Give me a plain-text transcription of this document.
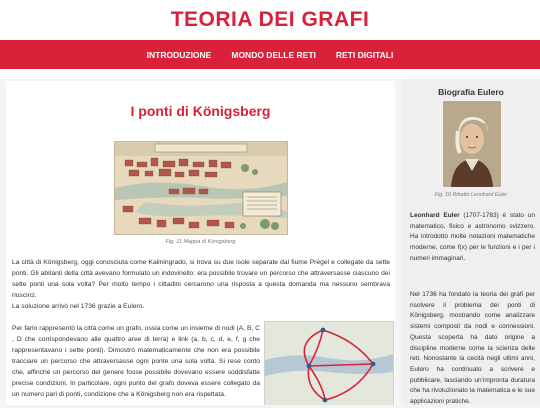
TEORIA DEI GRAFI
INTRODUZIONE MONDO DELLE RETI RETI DIGITALI
I ponti di Königsberg
Fig. 11 Mappa di Königsberg

La città di Königsberg, oggi conosciuta come Kaliningrado, si trova su due isole separate dal fiume Pregel e collegate da sette ponti. Gli abitanti della città avevano formulato un indovinello: era possibile trovare un percorso che attraversasse ciascuno dei sette ponti una sola volta? Per molto tempo i cittadini cercarono una risposta a questa domanda ma nessuno sembrava riuscirci.
La soluzione arrivò nel 1736 grazie a Eulero.

Per farlo rappresentò la città come un grafo, ossia come un insieme di nodi (A, B, C , D che corrispondevano alle quattro aree di terra) e link (a, b, c, d, e, f, g che rappresentavano i sette ponti). Dimostrò matematicamente che non era possibile tracciare un percorso che attraversasse ogni ponte una sola volta. Si rese conto che, affinché un percorso del genere fosse possibile dovevano essere soddisfatte precise condizioni. In particolare, ogni punto del grafo doveva essere collegato da un numero pari di ponti, condizione che a Königsberg non era rispettata.

Biografia Eulero
Fig. 10 Ritratto Leonhard Euler

Leonhard Euler (1707-1783) è stato un matematico, fisico e astronomo svizzero. Ha introdotto molte notazioni matematiche moderne, come f(x) per le funzioni e i per i numeri immaginari.

Nel 1736 ha fondato la teoria dei grafi per risolvere il problema dei ponti di Königsberg, mostrando come analizzare sistemi composti da nodi e connessioni. Questa scoperta ha dato origine a discipline moderne come la scienza delle reti. Nonostante la cecità negli ultimi anni, Eulero ha continuato a scrivere e pubblicare, lasciando un'impronta duratura che ha rivoluzionato la matematica e le sue applicazioni pratiche.
